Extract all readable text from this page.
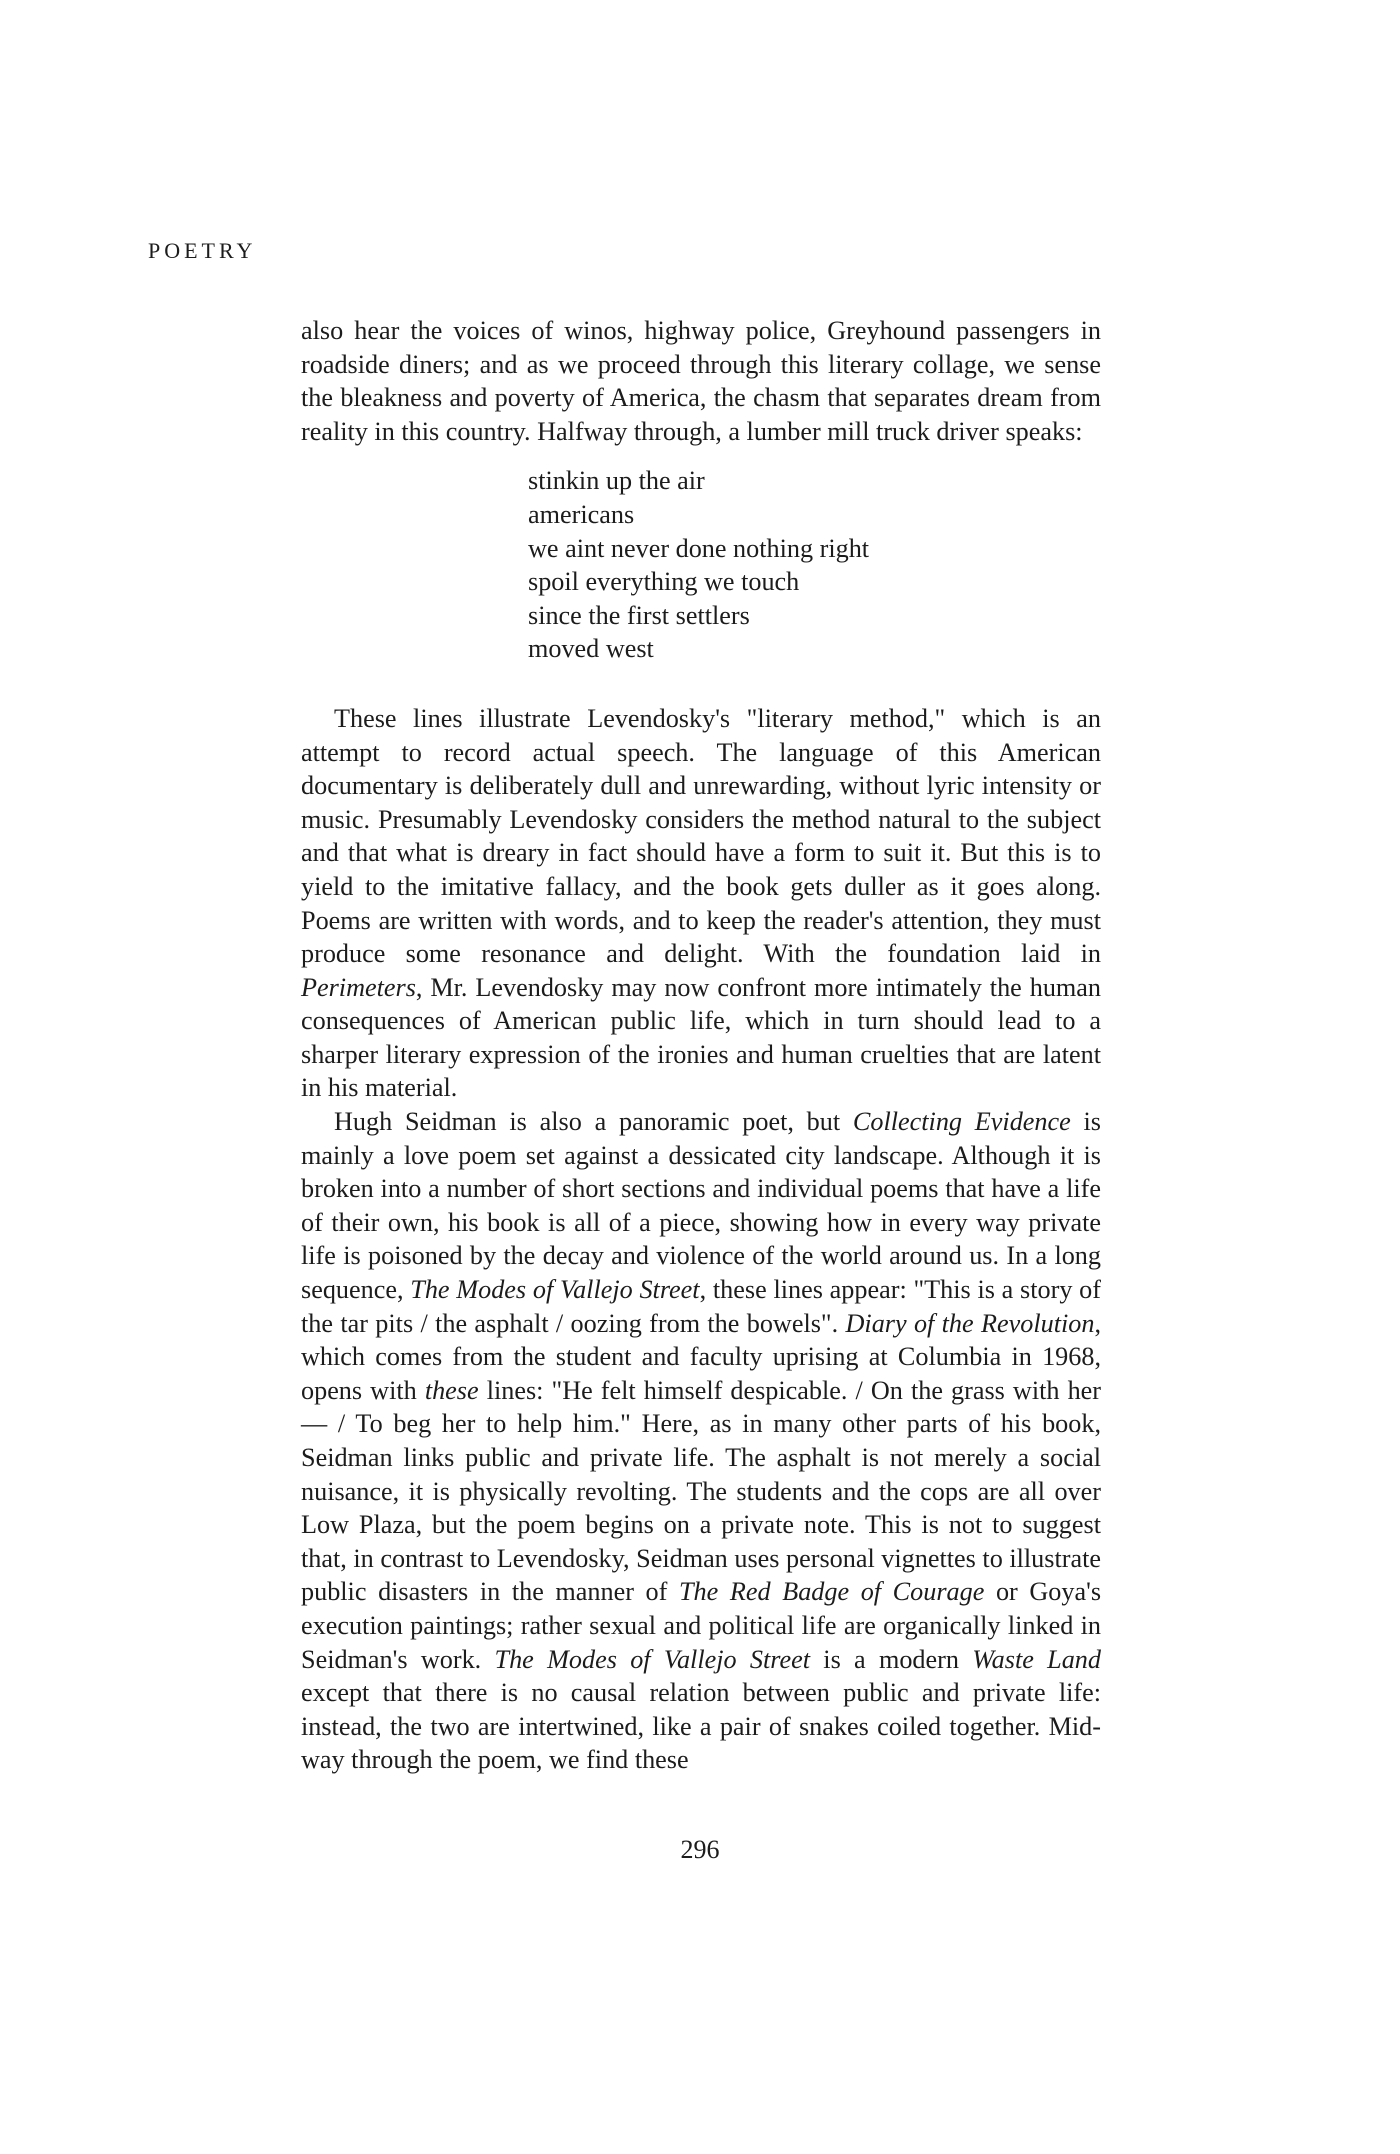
POETRY

also hear the voices of winos, highway police, Greyhound passengers in roadside diners; and as we proceed through this literary collage, we sense the bleakness and poverty of America, the chasm that separates dream from reality in this country. Halfway through, a lumber mill truck driver speaks:

stinkin up the air
americans
we aint never done nothing right
spoil everything we touch
since the first settlers
moved west

These lines illustrate Levendosky's "literary method," which is an attempt to record actual speech. The language of this American documentary is deliberately dull and unrewarding, without lyric intensity or music. Presumably Levendosky considers the method natural to the subject and that what is dreary in fact should have a form to suit it. But this is to yield to the imitative fallacy, and the book gets duller as it goes along. Poems are written with words, and to keep the reader's attention, they must produce some resonance and delight. With the foundation laid in Perimeters, Mr. Levendosky may now confront more intimately the human consequences of American public life, which in turn should lead to a sharper literary expression of the ironies and human cruelties that are latent in his material.

Hugh Seidman is also a panoramic poet, but Collecting Evidence is mainly a love poem set against a dessicated city landscape. Although it is broken into a number of short sections and individual poems that have a life of their own, his book is all of a piece, showing how in every way private life is poisoned by the decay and violence of the world around us. In a long sequence, The Modes of Vallejo Street, these lines appear: "This is a story of the tar pits / the asphalt / oozing from the bowels". Diary of the Revolution, which comes from the student and faculty uprising at Columbia in 1968, opens with these lines: "He felt himself despicable. / On the grass with her— / To beg her to help him." Here, as in many other parts of his book, Seidman links public and private life. The asphalt is not merely a social nuisance, it is physically revolting. The students and the cops are all over Low Plaza, but the poem begins on a private note. This is not to suggest that, in contrast to Levendosky, Seidman uses personal vignettes to illustrate public disasters in the manner of The Red Badge of Courage or Goya's execution paintings; rather sexual and political life are organically linked in Seidman's work. The Modes of Vallejo Street is a modern Waste Land except that there is no causal relation between public and private life: instead, the two are intertwined, like a pair of snakes coiled together. Mid-way through the poem, we find these

296
